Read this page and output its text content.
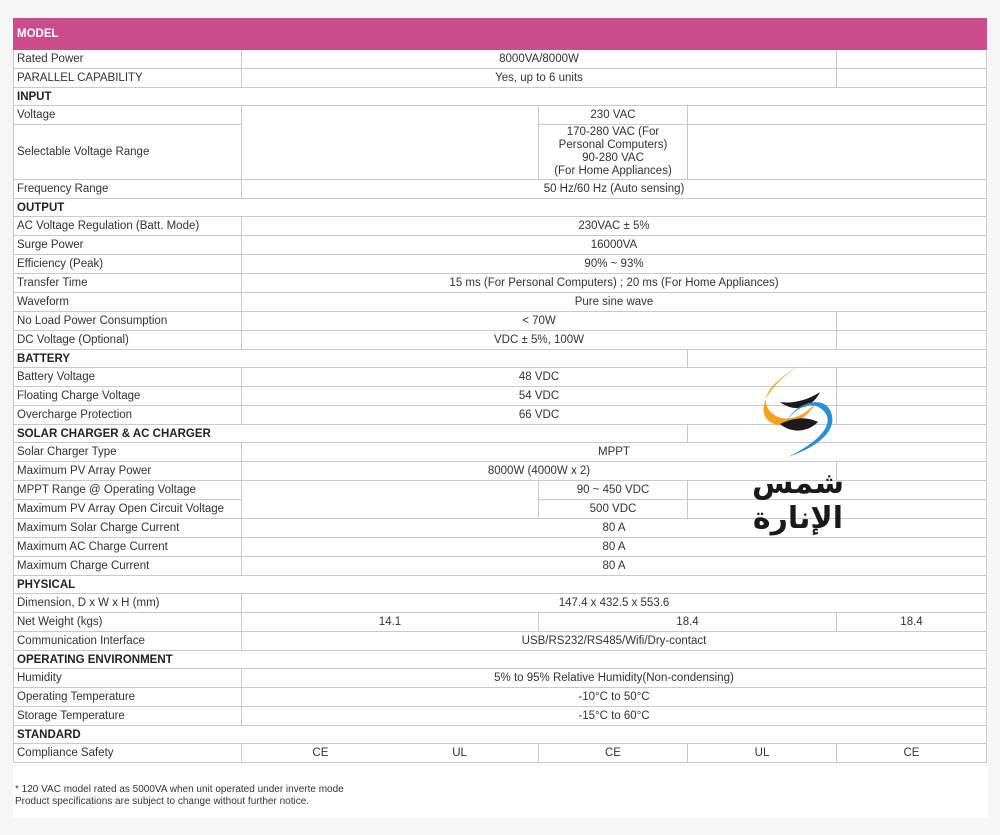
MODEL				
Rated Power	8000VA/8000W			
PARALLEL CAPABILITY	Yes, up to 6 units			
INPUT				
Voltage		230 VAC		
Selectable Voltage Range		170-280 VAC (For
Personal Computers)
90-280 VAC
(For Home Appliances)		

Frequency Range	50 Hz/60 Hz (Auto sensing)			
OUTPUT				
AC Voltage Regulation (Batt. Mode)	230VAC ± 5%			
Surge Power	16000VA			
Efficiency (Peak)	90% ~ 93%			
Transfer Time	15 ms (For Personal Computers) ; 20 ms (For Home Appliances)			
Waveform	Pure sine wave			
No Load Power Consumption	< 70W			
DC Voltage (Optional)	VDC ± 5%, 100W			
BATTERY				
Battery Voltage	48 VDC			
Floating Charge Voltage	54 VDC			
Overcharge Protection	66 VDC			
SOLAR CHARGER & AC CHARGER				
Solar Charger Type	MPPT			
Maximum PV Array Power	8000W (4000W x 2)			
MPPT Range @ Operating Voltage		90 ~ 450 VDC		
Maximum PV Array Open Circuit Voltage		500 VDC		
Maximum Solar Charge Current	80 A			
Maximum AC Charge Current	80 A			
Maximum Charge Current	80 A			
PHYSICAL				
Dimension, D x W x H (mm)	147.4 x 432.5 x 553.6			
Net Weight (kgs)	14.1	18.4		18.4
Communication Interface	USB/RS232/RS485/Wifi/Dry-contact			
OPERATING ENVIRONMENT				
Humidity	5% to 95% Relative Humidity(Non-condensing)			
Operating Temperature	-10°C to 50°C			
Storage Temperature	-15°C to 60°C			
STANDARD				
Compliance Safety	CE UL	CE	UL	CE
* 120 VAC model rated as 5000VA when unit operated under inverte mode
Product specifications are subject to change without further notice.
شمس الإنارة
